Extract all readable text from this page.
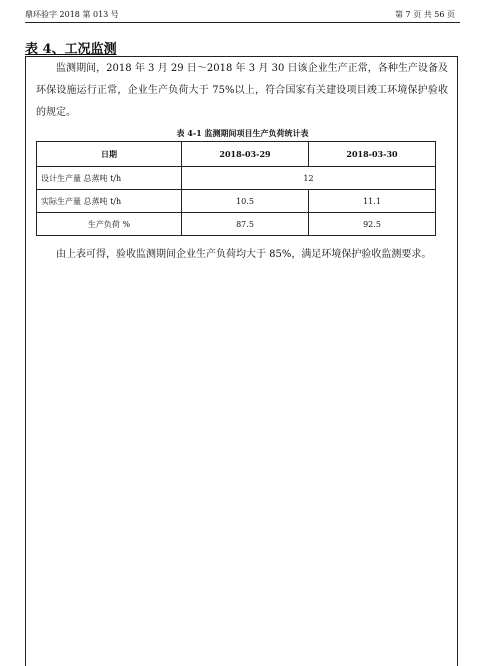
鼎环验字 2018 第 013 号	第 7 页 共 56 页
表 4、工况监测

监测期间，2018 年 3 月 29 日～2018 年 3 月 30 日该企业生产正常，各种生产设备及环保设施运行正常，企业生产负荷大于 75%以上，符合国家有关建设项目竣工环境保护验收的规定。

表 4-1 监测期间项目生产负荷统计表
日期	2018-03-29	2018-03-30
设计生产量 总蒸吨 t/h	12	
实际生产量 总蒸吨 t/h	10.5	11.1
生产负荷 %	87.5	92.5

由上表可得，验收监测期间企业生产负荷均大于 85%，满足环境保护验收监测要求。
